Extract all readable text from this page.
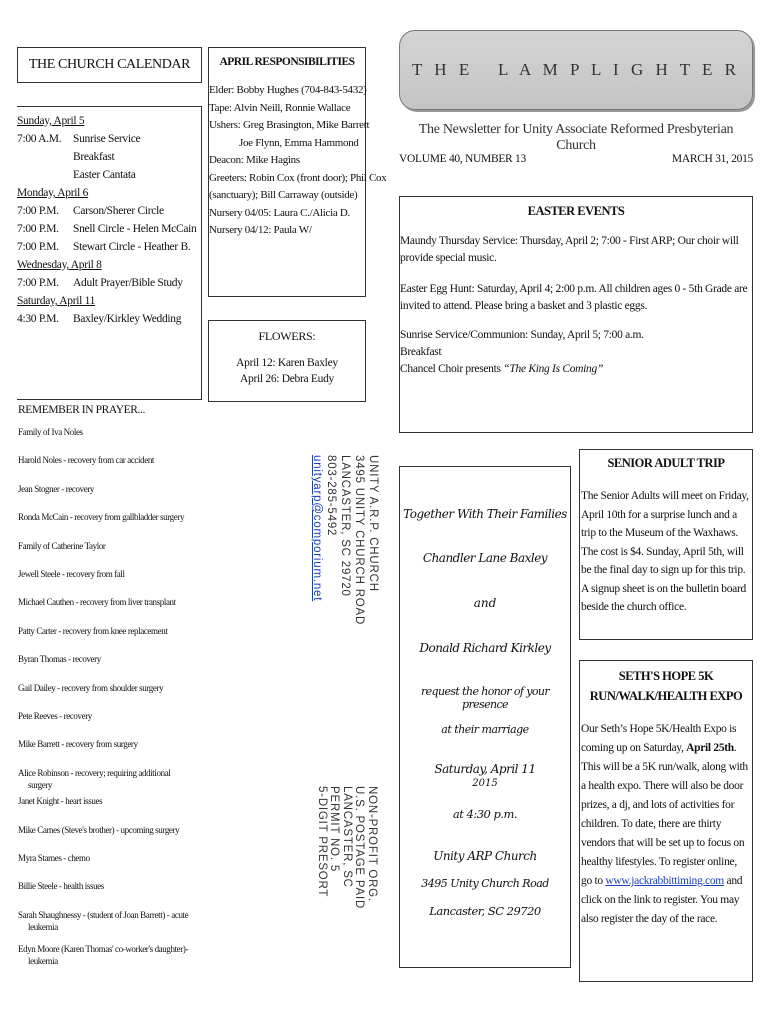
THE CHURCH CALENDAR
Sunday, April 5
7:00 A.M.	Sunrise Service
Breakfast
Easter Cantata
Monday, April 6
7:00 P.M.	Carson/Sherer Circle
7:00 P.M.	Snell Circle - Helen McCain
7:00 P.M.	Stewart Circle - Heather B.
Wednesday, April 8
7:00 P.M.	Adult Prayer/Bible Study
Saturday, April 11
4:30 P.M.	Baxley/Kirkley Wedding
APRIL RESPONSIBILITIES
Elder: Bobby Hughes (704-843-5432)
Tape: Alvin Neill, Ronnie Wallace
Ushers: Greg Brasington, Mike Barrett
Joe Flynn, Emma Hammond
Deacon: Mike Hagins
Greeters: Robin Cox (front door); Phil Cox
(sanctuary); Bill Carraway (outside)
Nursery 04/05: Laura C./Alicia D.
Nursery 04/12: Paula W/
FLOWERS:
April 12: Karen Baxley
April 26: Debra Eudy
REMEMBER IN PRAYER...
Family of Iva Noles
Harold Noles - recovery from car accident
Jean Stogner - recovery
Ronda McCain - recovery from gallbladder surgery
Family of Catherine Taylor
Jewell Steele - recovery from fall
Michael Cauthen - recovery from liver transplant
Patty Carter - recovery from knee replacement
Byran Thomas - recovery
Gail Dailey - recovery from shoulder surgery
Pete Reeves - recovery
Mike Barrett - recovery from surgery
Alice Robinson - recovery; requiring additional surgery
Janet Knight - heart issues
Mike Carnes (Steve's brother) - upcoming surgery
Myra Starnes - chemo
Billie Steele - health issues
Sarah Shaughnessy - (student of Joan Barrett) - acute leukemia
Edyn Moore (Karen Thomas' co-worker's daughter)- leukemia
UNITY A.R.P. CHURCH
3495 UNITY CHURCH ROAD
LANCASTER, SC 29720
803-285-5492
unityarp@comporium.net
NON-PROFIT ORG.
U.S. POSTAGE PAID
LANCASTER, SC
PERMIT NO. 5
5-DIGIT PRESORT
T H E   L A M P L I G H T E R
The Newsletter for Unity Associate Reformed Presbyterian Church
VOLUME 40, NUMBER 13	MARCH 31, 2015
EASTER EVENTS
Maundy Thursday Service: Thursday, April 2; 7:00 - First ARP; Our choir will provide special music.
Easter Egg Hunt: Saturday, April 4; 2:00 p.m. All children ages 0 - 5th Grade are invited to attend. Please bring a basket and 3 plastic eggs.
Sunrise Service/Communion: Sunday, April 5; 7:00 a.m.
Breakfast
Chancel Choir presents “The King Is Coming”
Together With Their Families
Chandler Lane Baxley
and
Donald Richard Kirkley
request the honor of your presence
at their marriage
Saturday, April 11
2015
at 4:30 p.m.
Unity ARP Church
3495 Unity Church Road
Lancaster, SC 29720
SENIOR ADULT TRIP
The Senior Adults will meet on Friday, April 10th for a surprise lunch and a trip to the Museum of the Waxhaws. The cost is $4. Sunday, April 5th, will be the final day to sign up for this trip. A signup sheet is on the bulletin board beside the church office.
SETH'S HOPE 5K
RUN/WALK/HEALTH EXPO
Our Seth’s Hope 5K/Health Expo is coming up on Saturday, April 25th. This will be a 5K run/walk, along with a health expo. There will also be door prizes, a dj, and lots of activities for children. To date, there are thirty vendors that will be set up to focus on healthy lifestyles. To register online, go to www.jackrabbittiming.com and click on the link to register. You may also register the day of the race.
